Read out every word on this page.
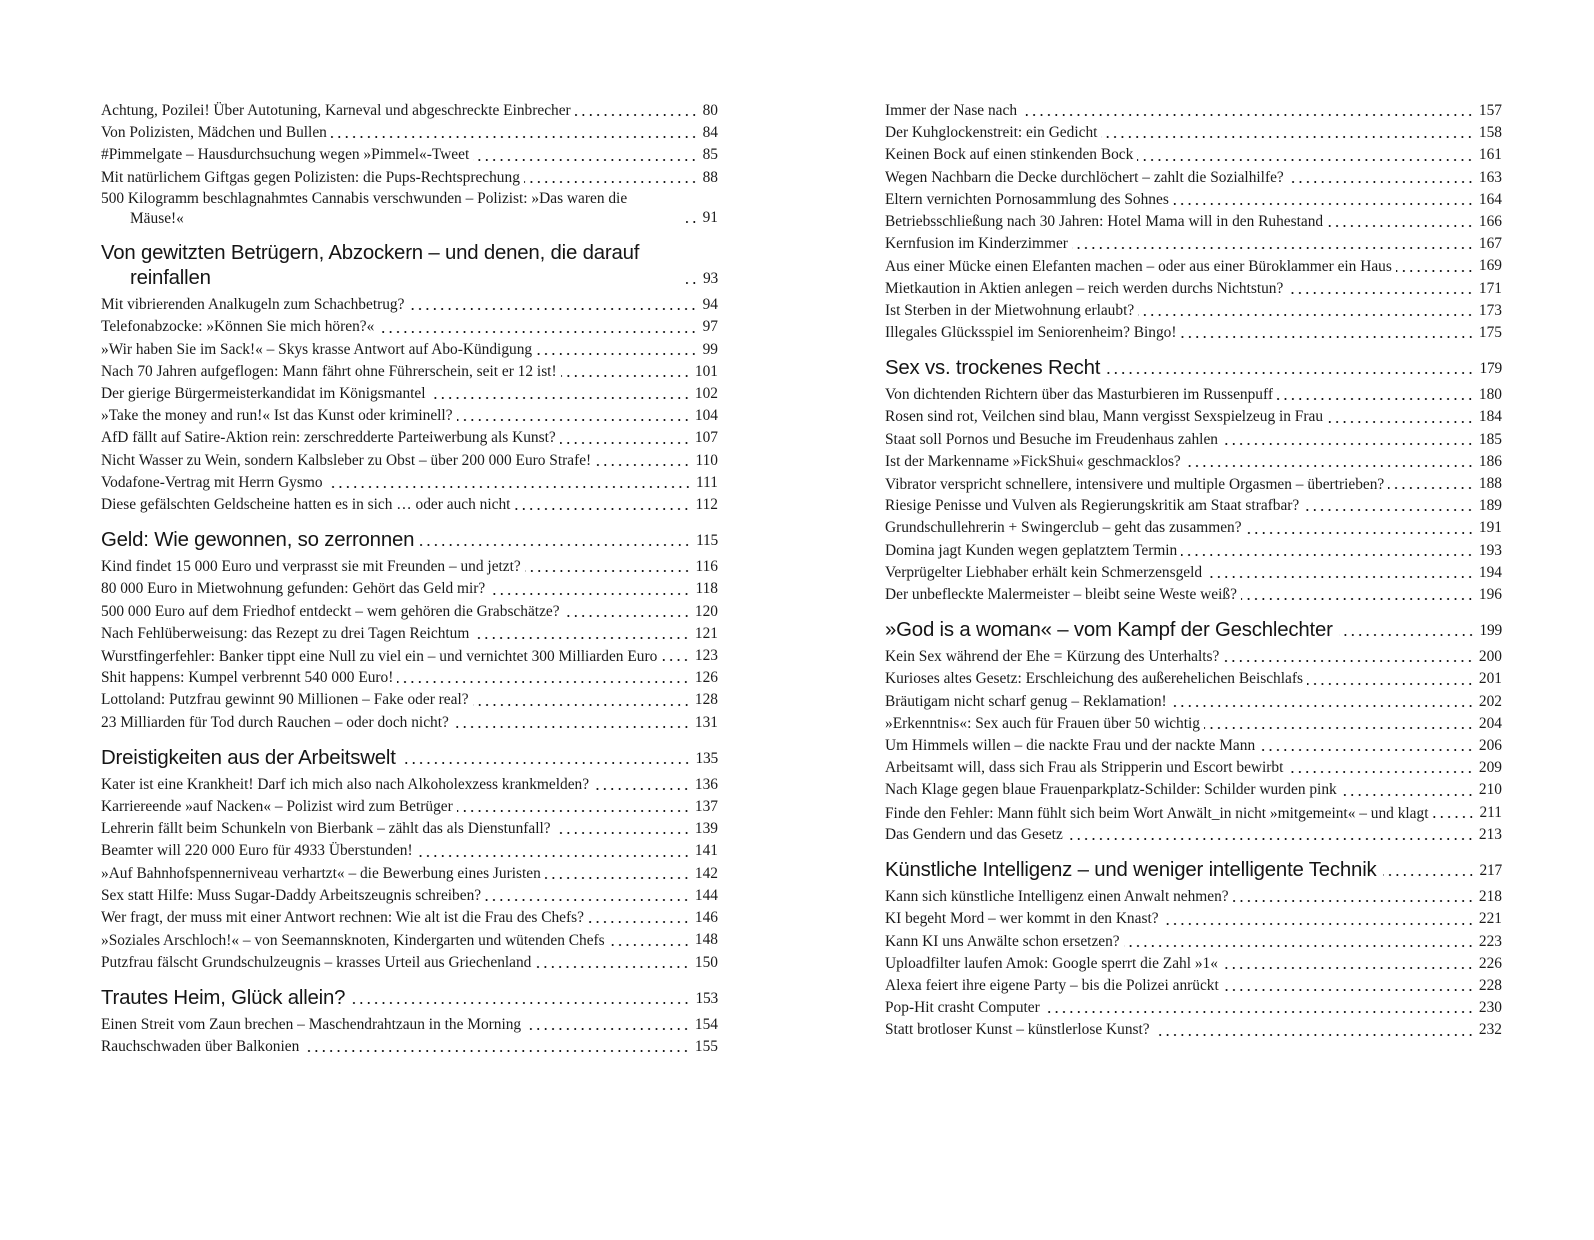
Achtung, Pozilei! Über Autotuning, Karneval und abgeschreckte Einbrecher	80
Von Polizisten, Mädchen und Bullen	84
#Pimmelgate – Hausdurchsuchung wegen »Pimmel«-Tweet	85
Mit natürlichem Giftgas gegen Polizisten: die Pups-Rechtsprechung	88
500 Kilogramm beschlagnahmtes Cannabis verschwunden – Polizist: »Das waren die Mäuse!«	91
Von gewitzten Betrügern, Abzockern – und denen, die darauf reinfallen	93
Mit vibrierenden Analkugeln zum Schachbetrug?	94
Telefonabzocke: »Können Sie mich hören?«	97
»Wir haben Sie im Sack!« – Skys krasse Antwort auf Abo-Kündigung	99
Nach 70 Jahren aufgeflogen: Mann fährt ohne Führerschein, seit er 12 ist!	101
Der gierige Bürgermeisterkandidat im Königsmantel	102
»Take the money and run!« Ist das Kunst oder kriminell?	104
AfD fällt auf Satire-Aktion rein: zerschredderte Parteiwerbung als Kunst?	107
Nicht Wasser zu Wein, sondern Kalbsleber zu Obst – über 200 000 Euro Strafe!	110
Vodafone-Vertrag mit Herrn Gysmo	111
Diese gefälschten Geldscheine hatten es in sich … oder auch nicht	112
Geld: Wie gewonnen, so zerronnen	115
Kind findet 15 000 Euro und verprasst sie mit Freunden – und jetzt?	116
80 000 Euro in Mietwohnung gefunden: Gehört das Geld mir?	118
500 000 Euro auf dem Friedhof entdeckt – wem gehören die Grabschätze?	120
Nach Fehlüberweisung: das Rezept zu drei Tagen Reichtum	121
Wurstfingerfehler: Banker tippt eine Null zu viel ein – und vernichtet 300 Milliarden Euro	123
Shit happens: Kumpel verbrennt 540 000 Euro!	126
Lottoland: Putzfrau gewinnt 90 Millionen – Fake oder real?	128
23 Milliarden für Tod durch Rauchen – oder doch nicht?	131
Dreistigkeiten aus der Arbeitswelt	135
Kater ist eine Krankheit! Darf ich mich also nach Alkoholexzess krankmelden?	136
Karriereende »auf Nacken« – Polizist wird zum Betrüger	137
Lehrerin fällt beim Schunkeln von Bierbank – zählt das als Dienstunfall?	139
Beamter will 220 000 Euro für 4933 Überstunden!	141
»Auf Bahnhofspennerniveau verhartzt« – die Bewerbung eines Juristen	142
Sex statt Hilfe: Muss Sugar-Daddy Arbeitszeugnis schreiben?	144
Wer fragt, der muss mit einer Antwort rechnen: Wie alt ist die Frau des Chefs?	146
»Soziales Arschloch!« – von Seemannsknoten, Kindergarten und wütenden Chefs	148
Putzfrau fälscht Grundschulzeugnis – krasses Urteil aus Griechenland	150
Trautes Heim, Glück allein?	153
Einen Streit vom Zaun brechen – Maschendrahtzaun in the Morning	154
Rauchschwaden über Balkonien	155
Immer der Nase nach	157
Der Kuhglockenstreit: ein Gedicht	158
Keinen Bock auf einen stinkenden Bock	161
Wegen Nachbarn die Decke durchlöchert – zahlt die Sozialhilfe?	163
Eltern vernichten Pornosammlung des Sohnes	164
Betriebsschließung nach 30 Jahren: Hotel Mama will in den Ruhestand	166
Kernfusion im Kinderzimmer	167
Aus einer Mücke einen Elefanten machen – oder aus einer Büroklammer ein Haus	169
Mietkaution in Aktien anlegen – reich werden durchs Nichtstun?	171
Ist Sterben in der Mietwohnung erlaubt?	173
Illegales Glücksspiel im Seniorenheim? Bingo!	175
Sex vs. trockenes Recht	179
Von dichtenden Richtern über das Masturbieren im Russenpuff	180
Rosen sind rot, Veilchen sind blau, Mann vergisst Sexspielzeug in Frau	184
Staat soll Pornos und Besuche im Freudenhaus zahlen	185
Ist der Markenname »FickShui« geschmacklos?	186
Vibrator verspricht schnellere, intensivere und multiple Orgasmen – übertrieben?	188
Riesige Penisse und Vulven als Regierungskritik am Staat strafbar?	189
Grundschullehrerin + Swingerclub – geht das zusammen?	191
Domina jagt Kunden wegen geplatztem Termin	193
Verprügelter Liebhaber erhält kein Schmerzensgeld	194
Der unbefleckte Malermeister – bleibt seine Weste weiß?	196
»God is a woman« – vom Kampf der Geschlechter	199
Kein Sex während der Ehe = Kürzung des Unterhalts?	200
Kurioses altes Gesetz: Erschleichung des außerehelichen Beischlafs	201
Bräutigam nicht scharf genug – Reklamation!	202
»Erkenntnis«: Sex auch für Frauen über 50 wichtig	204
Um Himmels willen – die nackte Frau und der nackte Mann	206
Arbeitsamt will, dass sich Frau als Stripperin und Escort bewirbt	209
Nach Klage gegen blaue Frauenparkplatz-Schilder: Schilder wurden pink	210
Finde den Fehler: Mann fühlt sich beim Wort Anwält_in nicht »mitgemeint« – und klagt	211
Das Gendern und das Gesetz	213
Künstliche Intelligenz – und weniger intelligente Technik	217
Kann sich künstliche Intelligenz einen Anwalt nehmen?	218
KI begeht Mord – wer kommt in den Knast?	221
Kann KI uns Anwälte schon ersetzen?	223
Uploadfilter laufen Amok: Google sperrt die Zahl »1«	226
Alexa feiert ihre eigene Party – bis die Polizei anrückt	228
Pop-Hit crasht Computer	230
Statt brotloser Kunst – künstlerlose Kunst?	232
